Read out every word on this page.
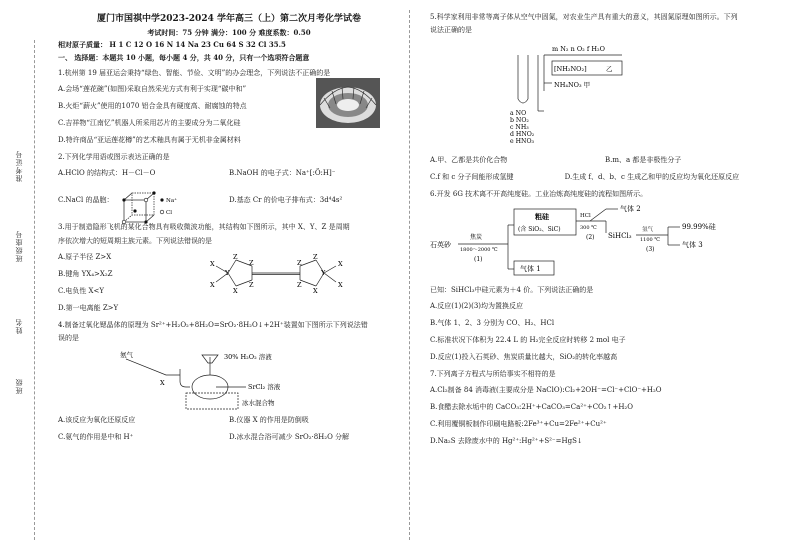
准考证号
班级座号
姓名
班级
厦门市国祺中学2023-2024 学年高三（上）第二次月考化学试卷
考试时间：75 分钟 满分：100 分 难度系数：0.50
相对原子质量： H 1 C 12 O 16 N 14 Na 23 Cu 64 S 32 Cl 35.5
一、 选择题：本题共 10 小题，每小题 4 分，共 40 分，只有一个选项符合题意

1.杭州第 19 届亚运会秉持“绿色、智能、节俭、文明”的办会理念，下列说法不正确的是

A.会场“莲花碗”(如图)采取自然采光方式有利于实现“碳中和”
B.火炬“薪火”使用的1070 铝合金具有硬度高、耐腐蚀的特点
C.吉祥物“江南忆”机器人所采用芯片的主要成分为二氧化硅
D.特许商品“亚运莲花樽”的艺术釉具有属于无机非金属材料

2.下列化学用语或图示表达正确的是

A.HClO 的结构式：H－Cl－O	B.NaOH 的电子式：Na⁺[:Ö:H]⁻
C.NaCl 的晶胞：	D.基态 Cr 的价电子排布式：3d⁴4s²
Na⁺
Cl

3.用于制造隐形飞机的某化合物具有吸收微波功能，其结构如下图所示，其中 X、Y、Z 是周期

序依次增大的短周期主族元素。下列说法错误的是

A.原子半径 Z>X
B.键角 YX₄>X₂Z
C.电负性 X<Y
D.第一电离能 Z>Y
X
Y
Z
X
X
Z
Z
X
Y
Z
X
X
Z
Z

4.制备过氧化锶晶体的原理为 Sr²⁺+H₂O₂+8H₂O=SrO₂·8H₂O↓+2H⁺装置如下图所示下列说法错

误的是

氨气
X
30% H₂O₂ 溶液
SrCl₂ 溶液
冰水混合物
A.该反应为氧化还原反应	B.仪器 X 的作用是防倒吸
C.氨气的作用是中和 H⁺	D.冰水混合浴可减少 SrO₂·8H₂O 分解

5.科学家利用非常等离子体从空气中固氮，对农业生产具有重大的意义，其固氮原理如图所示。下列

说法正确的是

m N₂ n O₂ f H₂O
[NH₂NO₂]	乙
NH₄NO₃ 甲
a NO
b NO₂
c NH₃
d HNO₂
e HNO₃
A.甲、乙都是共价化合物	B.m、a 都是非极性分子
C.f 和 c 分子间能形成氢键	D.生成 f、d、b、c 生成乙和甲的反应均为氧化还原反应

6.开发 6G 技术离不开高纯度硅。工业冶炼高纯度硅的流程如图所示。

石英砂
焦炭
1800～2000 ℃
(1)
粗硅
(含 SiO₂、SiC)
气体 1
气体 2
HCl
300 ℃
(2) SiHCl₃
氢气
1100 ℃
(3)
99.99%硅
气体 3

已知：SiHCl₃中硅元素为＋4 价。下列说法正确的是

A.反应(1)(2)(3)均为置换反应
B.气体 1、2、3 分别为 CO、H₂、HCl
C.标准状况下体积为 22.4 L 的 H₂完全反应时转移 2 mol 电子
D.反应(1)投入石英砂、焦炭质量比越大，SiO₂的转化率越高

7.下列离子方程式与所给事实不相符的是

A.Cl₂制备 84 消毒液(主要成分是 NaClO):Cl₂+2OH⁻=Cl⁻+ClO⁻+H₂O
B.食醋去除水垢中的 CaCO₃:2H⁺+CaCO₃=Ca²⁺+CO₂↑+H₂O
C.利用覆铜板制作印刷电路板:2Fe³⁺+Cu=2Fe²⁺+Cu²⁺
D.Na₂S 去除废水中的 Hg²⁺:Hg²⁺+S²⁻=HgS↓
